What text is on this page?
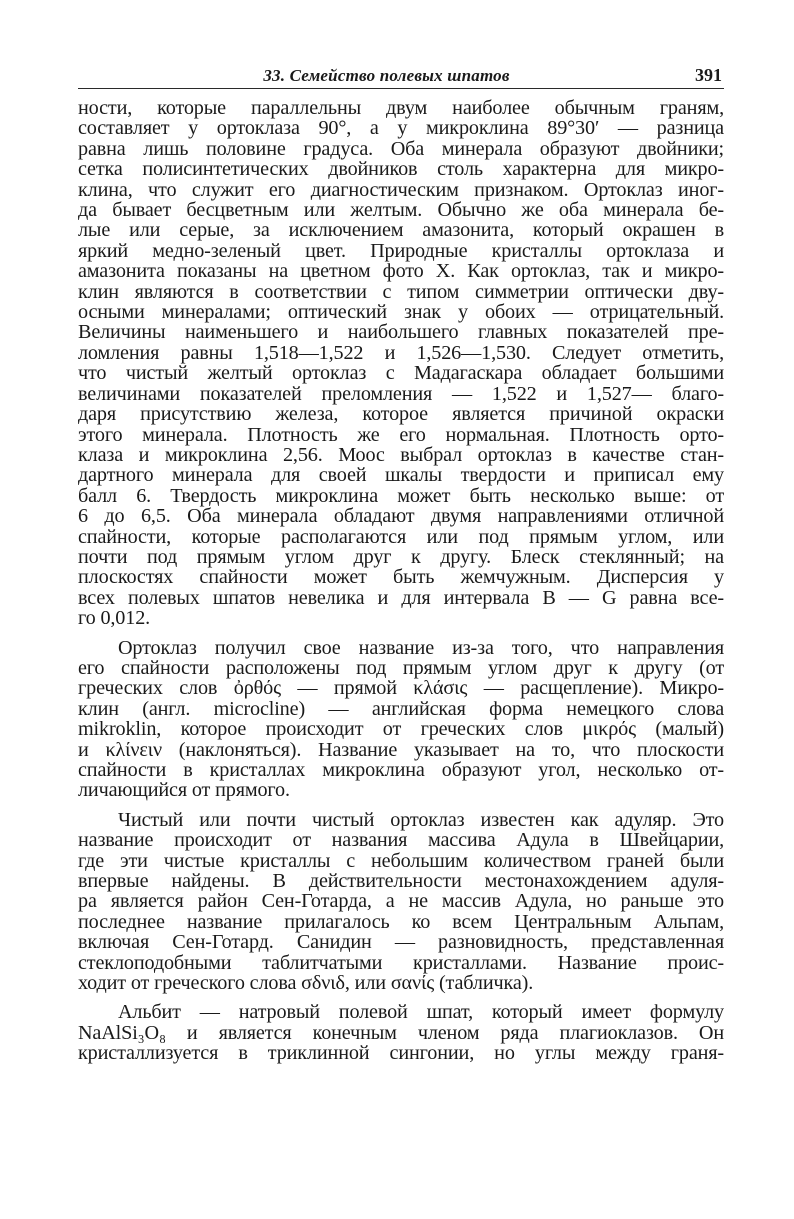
33. Семейство полевых шпатов	391
ности, которые параллельны двум наиболее обычным граням,
составляет у ортоклаза 90°, а у микроклина 89°30′ — разница
равна лишь половине градуса. Оба минерала образуют двойники;
сетка полисинтетических двойников столь характерна для микро-
клина, что служит его диагностическим признаком. Ортоклаз иног-
да бывает бесцветным или желтым. Обычно же оба минерала бе-
лые или серые, за исключением амазонита, который окрашен в
яркий медно-зеленый цвет. Природные кристаллы ортоклаза и
амазонита показаны на цветном фото X. Как ортоклаз, так и микро-
клин являются в соответствии с типом симметрии оптически дву-
осными минералами; оптический знак у обоих — отрицательный.
Величины наименьшего и наибольшего главных показателей пре-
ломления равны 1,518—1,522 и 1,526—1,530. Следует отметить,
что чистый желтый ортоклаз с Мадагаскара обладает большими
величинами показателей преломления — 1,522 и 1,527— благо-
даря присутствию железа, которое является причиной окраски
этого минерала. Плотность же его нормальная. Плотность орто-
клаза и микроклина 2,56. Моос выбрал ортоклаз в качестве стан-
дартного минерала для своей шкалы твердости и приписал ему
балл 6. Твердость микроклина может быть несколько выше: от
6 до 6,5. Оба минерала обладают двумя направлениями отличной
спайности, которые располагаются или под прямым углом, или
почти под прямым углом друг к другу. Блеск стеклянный; на
плоскостях спайности может быть жемчужным. Дисперсия у
всех полевых шпатов невелика и для интервала B — G равна все-
го 0,012.
Ортоклаз получил свое название из-за того, что направления
его спайности расположены под прямым углом друг к другу (от
греческих слов ὀρθός — прямой κλάσις — расщепление). Микро-
клин (англ. microcline) — английская форма немецкого слова
mikroklin, которое происходит от греческих слов μικρός (малый)
и κλίνειν (наклоняться). Название указывает на то, что плоскости
спайности в кристаллах микроклина образуют угол, несколько от-
личающийся от прямого.
Чистый или почти чистый ортоклаз известен как адуляр. Это
название происходит от названия массива Адула в Швейцарии,
где эти чистые кристаллы с небольшим количеством граней были
впервые найдены. В действительности местонахождением адуля-
ра является район Сен-Готарда, а не массив Адула, но раньше это
последнее название прилагалось ко всем Центральным Альпам,
включая Сен-Готард. Санидин — разновидность, представленная
стеклоподобными таблитчатыми кристаллами. Название проис-
ходит от греческого слова σδνιδ, или σανίς (табличка).
Альбит — натровый полевой шпат, который имеет формулу
NaAlSi₃O₈ и является конечным членом ряда плагиоклазов. Он
кристаллизуется в триклинной сингонии, но углы между граня-
